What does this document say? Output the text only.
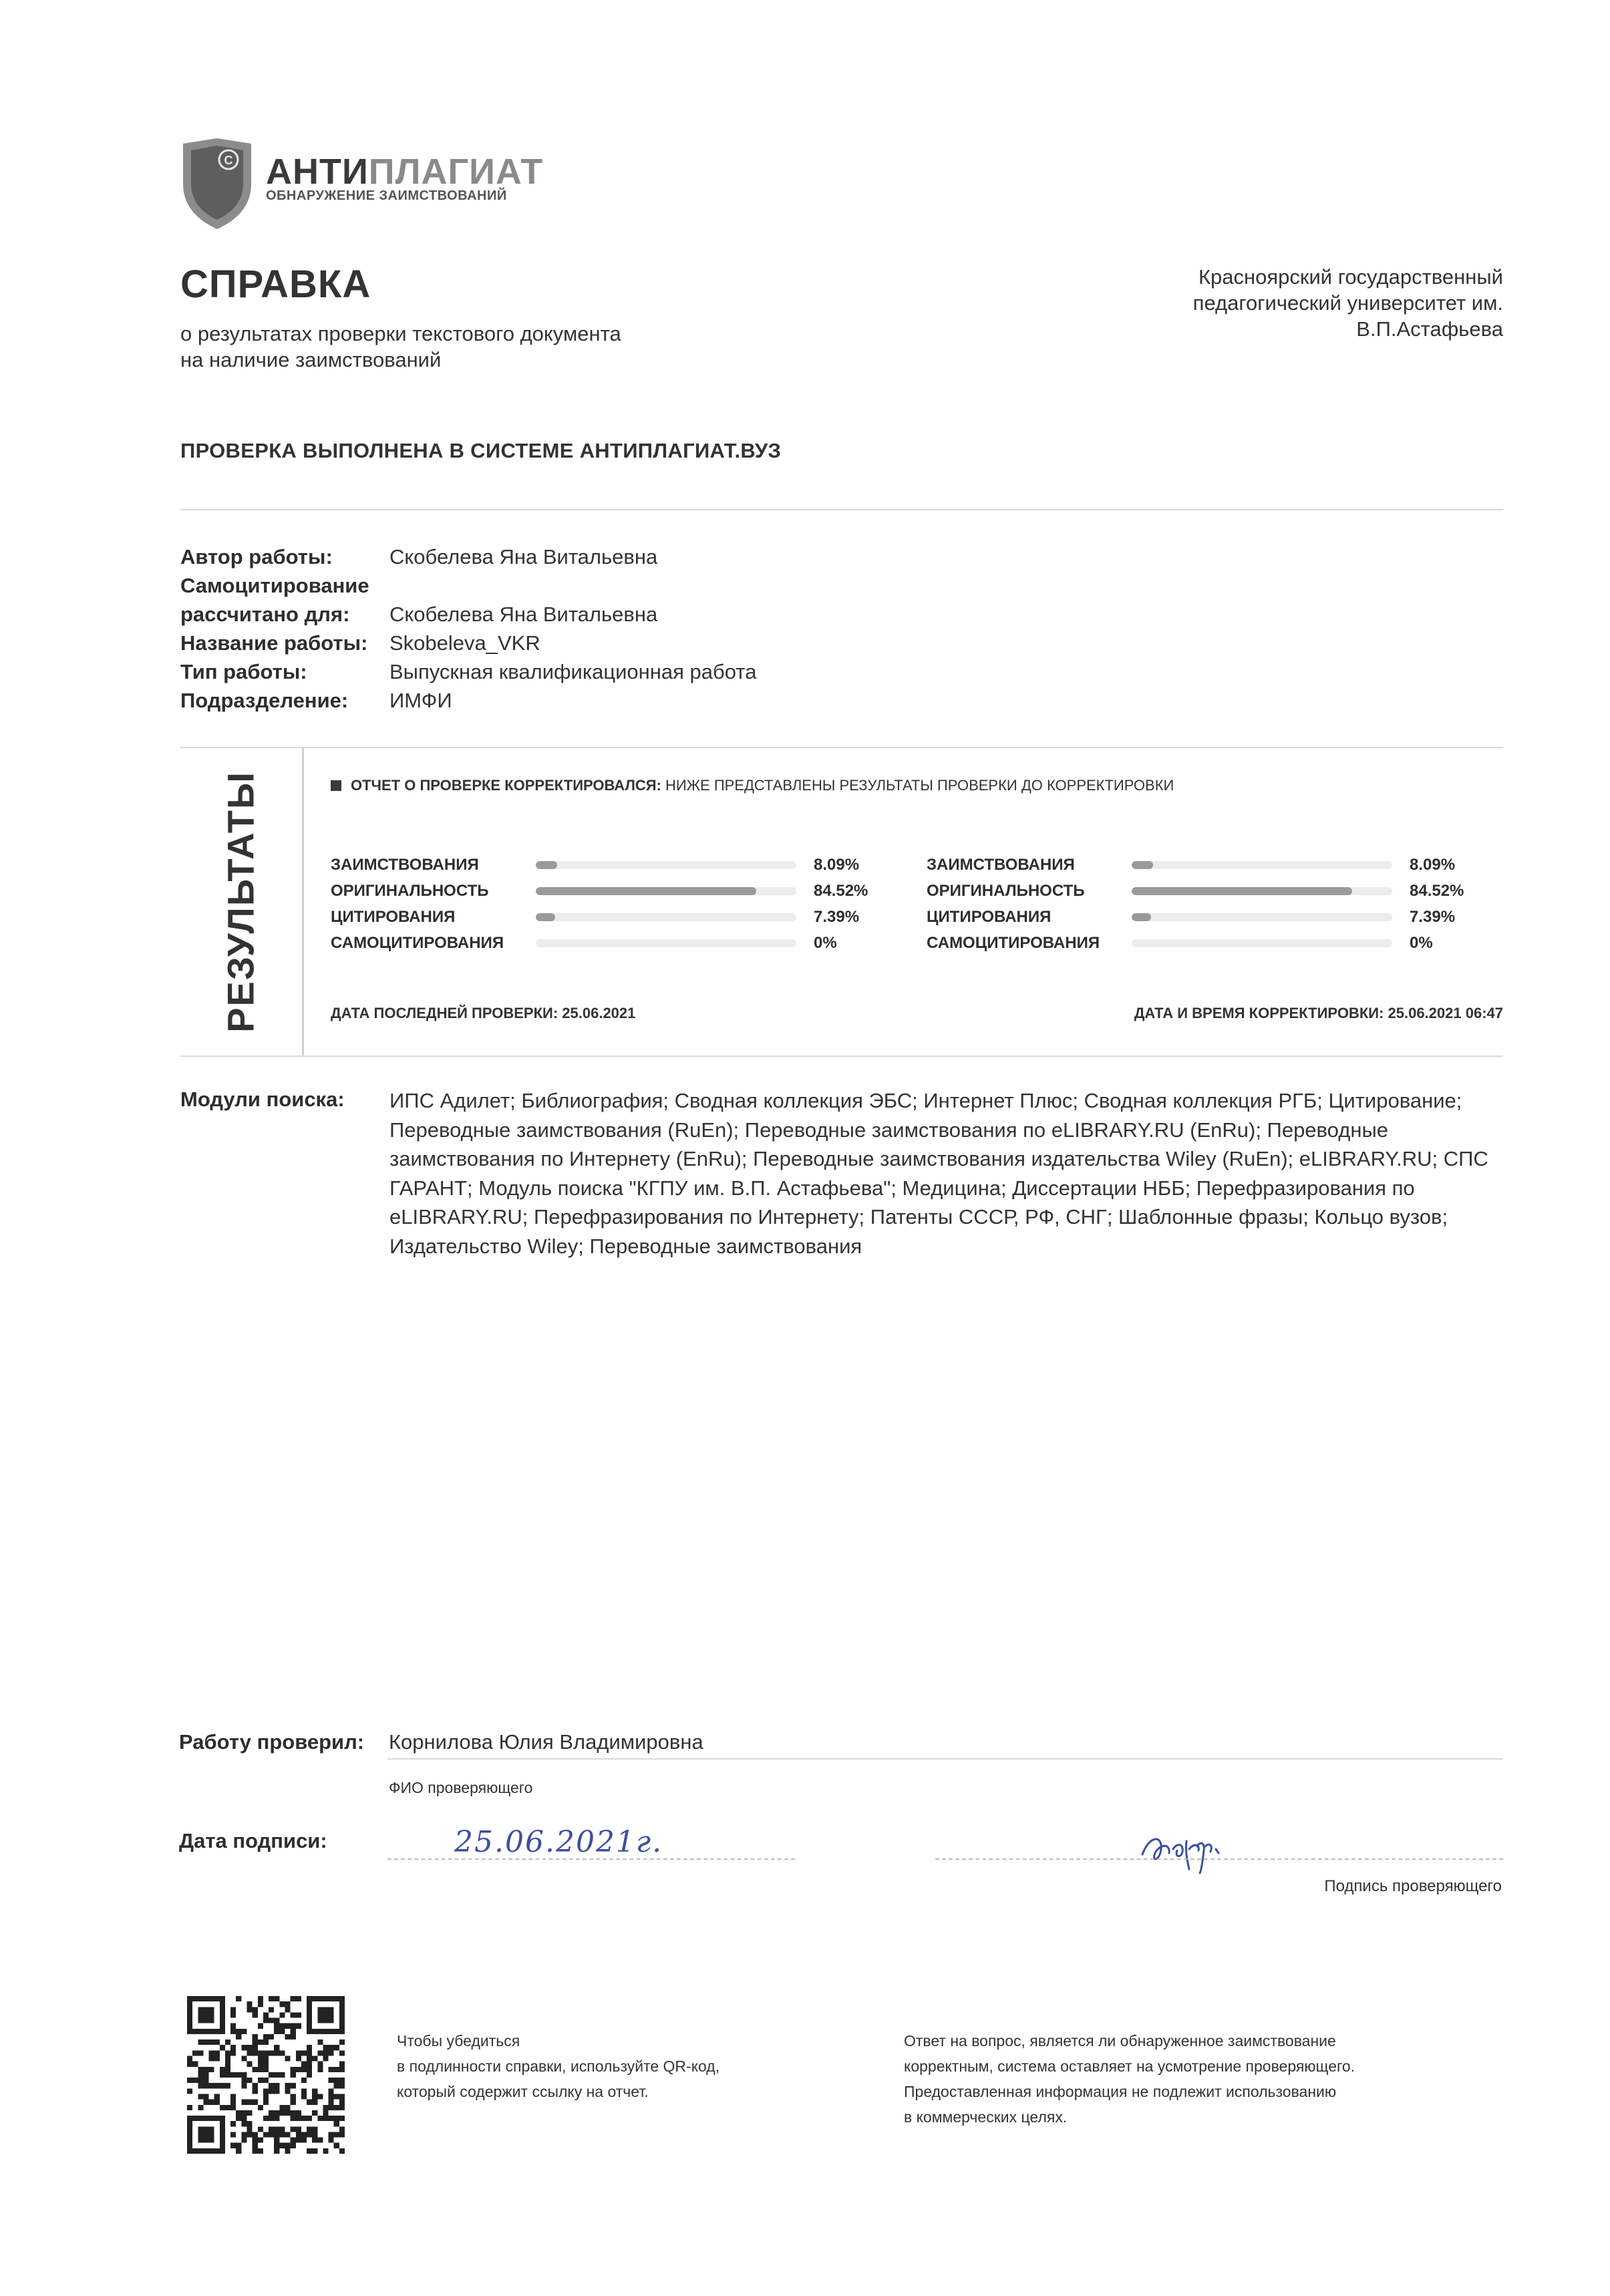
C АНТИПЛАГИАТ
ОБНАРУЖЕНИЕ ЗАИМСТВОВАНИЙ
СПРАВКА
о результатах проверки текстового документа
на наличие заимствований
Красноярский государственный
педагогический университет им.
В.П.Астафьева
ПРОВЕРКА ВЫПОЛНЕНА В СИСТЕМЕ АНТИПЛАГИАТ.ВУЗ
Автор работы:	Скобелева Яна Витальевна
Самоцитирование
рассчитано для:	Скобелева Яна Витальевна
Название работы:	Skobeleva_VKR
Тип работы:	Выпускная квалификационная работа
Подразделение:	ИМФИ
РЕЗУЛЬТАТЫ	ОТЧЕТ О ПРОВЕРКЕ КОРРЕКТИРОВАЛСЯ: НИЖЕ ПРЕДСТАВЛЕНЫ РЕЗУЛЬТАТЫ ПРОВЕРКИ ДО КОРРЕКТИРОВКИ
ЗАИМСТВОВАНИЯ	8.09%
ОРИГИНАЛЬНОСТЬ	84.52%
ЦИТИРОВАНИЯ	7.39%
САМОЦИТИРОВАНИЯ	0%
ЗАИМСТВОВАНИЯ	8.09%
ОРИГИНАЛЬНОСТЬ	84.52%
ЦИТИРОВАНИЯ	7.39%
САМОЦИТИРОВАНИЯ	0%
ДАТА ПОСЛЕДНЕЙ ПРОВЕРКИ: 25.06.2021	ДАТА И ВРЕМЯ КОРРЕКТИРОВКИ: 25.06.2021 06:47
Модули поиска: ИПС Адилет; Библиография; Сводная коллекция ЭБС; Интернет Плюс; Сводная коллекция РГБ; Цитирование; Переводные заимствования (RuEn); Переводные заимствования по eLIBRARY.RU (EnRu); Переводные заимствования по Интернету (EnRu); Переводные заимствования издательства Wiley (RuEn); eLIBRARY.RU; СПС ГАРАНТ; Модуль поиска "КГПУ им. В.П. Астафьева"; Медицина; Диссертации НББ; Перефразирования по eLIBRARY.RU; Перефразирования по Интернету; Патенты СССР, РФ, СНГ; Шаблонные фразы; Кольцо вузов; Издательство Wiley; Переводные заимствования
Работу проверил: Корнилова Юлия Владимировна
ФИО проверяющего
Дата подписи:	25.06.2021г.
Подпись проверяющего
Чтобы убедиться
в подлинности справки, используйте QR-код,
который содержит ссылку на отчет.
Ответ на вопрос, является ли обнаруженное заимствование
корректным, система оставляет на усмотрение проверяющего.
Предоставленная информация не подлежит использованию
в коммерческих целях.
